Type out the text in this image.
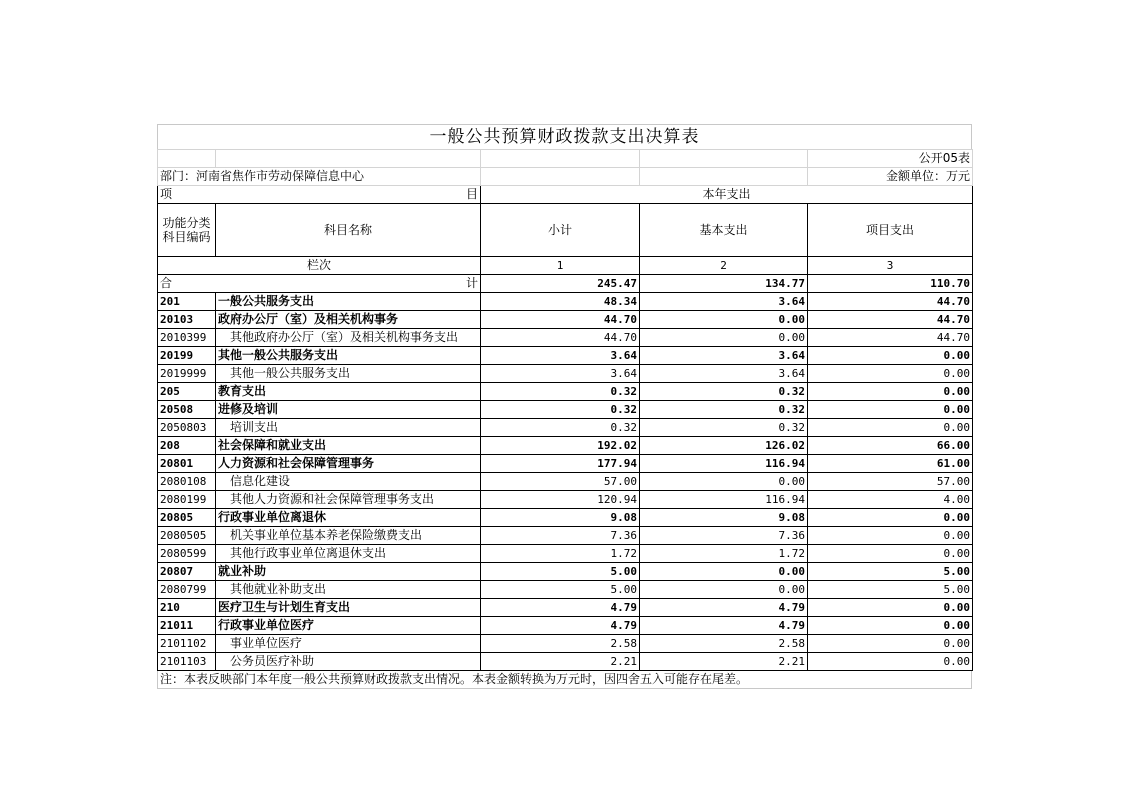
一般公共预算财政拨款支出决算表
				公开05表
部门：河南省焦作市劳动保障信息中心				金额单位：万元
项 目		本年支出		
功能分类
科目编码	科目名称	小计	基本支出	项目支出
栏次		1	2	3
合 计		245.47	134.77	110.70
201	一般公共服务支出	48.34	3.64	44.70
20103	政府办公厅（室）及相关机构事务	44.70	0.00	44.70
2010399	其他政府办公厅（室）及相关机构事务支出	44.70	0.00	44.70
20199	其他一般公共服务支出	3.64	3.64	0.00
2019999	其他一般公共服务支出	3.64	3.64	0.00
205	教育支出	0.32	0.32	0.00
20508	进修及培训	0.32	0.32	0.00
2050803	培训支出	0.32	0.32	0.00
208	社会保障和就业支出	192.02	126.02	66.00
20801	人力资源和社会保障管理事务	177.94	116.94	61.00
2080108	信息化建设	57.00	0.00	57.00
2080199	其他人力资源和社会保障管理事务支出	120.94	116.94	4.00
20805	行政事业单位离退休	9.08	9.08	0.00
2080505	机关事业单位基本养老保险缴费支出	7.36	7.36	0.00
2080599	其他行政事业单位离退休支出	1.72	1.72	0.00
20807	就业补助	5.00	0.00	5.00
2080799	其他就业补助支出	5.00	0.00	5.00
210	医疗卫生与计划生育支出	4.79	4.79	0.00
21011	行政事业单位医疗	4.79	4.79	0.00
2101102	事业单位医疗	2.58	2.58	0.00
2101103	公务员医疗补助	2.21	2.21	0.00
注：本表反映部门本年度一般公共预算财政拨款支出情况。本表金额转换为万元时，因四舍五入可能存在尾差。
